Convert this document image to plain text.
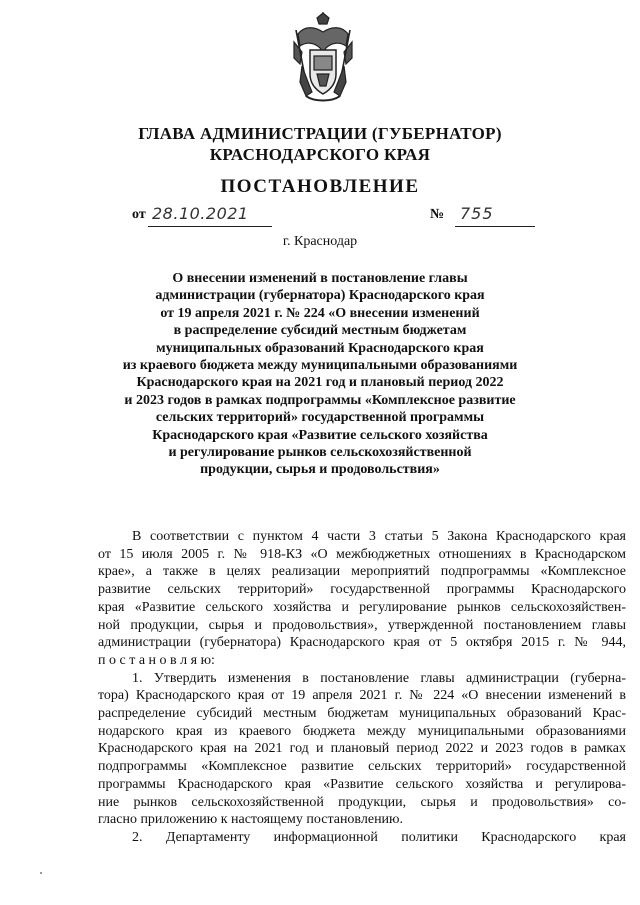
ГЛАВА АДМИНИСТРАЦИИ (ГУБЕРНАТОР)
КРАСНОДАРСКОГО КРАЯ
ПОСТАНОВЛЕНИЕ
от 28.10.2021	№ 755
г. Краснодар
О внесении изменений в постановление главы
администрации (губернатора) Краснодарского края
от 19 апреля 2021 г. № 224 «О внесении изменений
в распределение субсидий местным бюджетам
муниципальных образований Краснодарского края
из краевого бюджета между муниципальными образованиями
Краснодарского края на 2021 год и плановый период 2022
и 2023 годов в рамках подпрограммы «Комплексное развитие
сельских территорий» государственной программы
Краснодарского края «Развитие сельского хозяйства
и регулирование рынков сельскохозяйственной
продукции, сырья и продовольствия»
В соответствии с пунктом 4 части 3 статьи 5 Закона Краснодарского края
от 15 июля 2005 г. № 918-КЗ «О межбюджетных отношениях в Краснодарском
крае», а также в целях реализации мероприятий подпрограммы «Комплексное
развитие сельских территорий» государственной программы Краснодарского
края «Развитие сельского хозяйства и регулирование рынков сельскохозяйствен-
ной продукции, сырья и продовольствия», утвержденной постановлением главы
администрации (губернатора) Краснодарского края от 5 октября 2015 г. № 944,
п о с т а н о в л я ю:
1. Утвердить изменения в постановление главы администрации (губерна-
тора) Краснодарского края от 19 апреля 2021 г. № 224 «О внесении изменений в
распределение субсидий местным бюджетам муниципальных образований Крас-
нодарского края из краевого бюджета между муниципальными образованиями
Краснодарского края на 2021 год и плановый период 2022 и 2023 годов в рамках
подпрограммы «Комплексное развитие сельских территорий» государственной
программы Краснодарского края «Развитие сельского хозяйства и регулирова-
ние рынков сельскохозяйственной продукции, сырья и продовольствия» со-
гласно приложению к настоящему постановлению.
2. Департаменту информационной политики Краснодарского края
